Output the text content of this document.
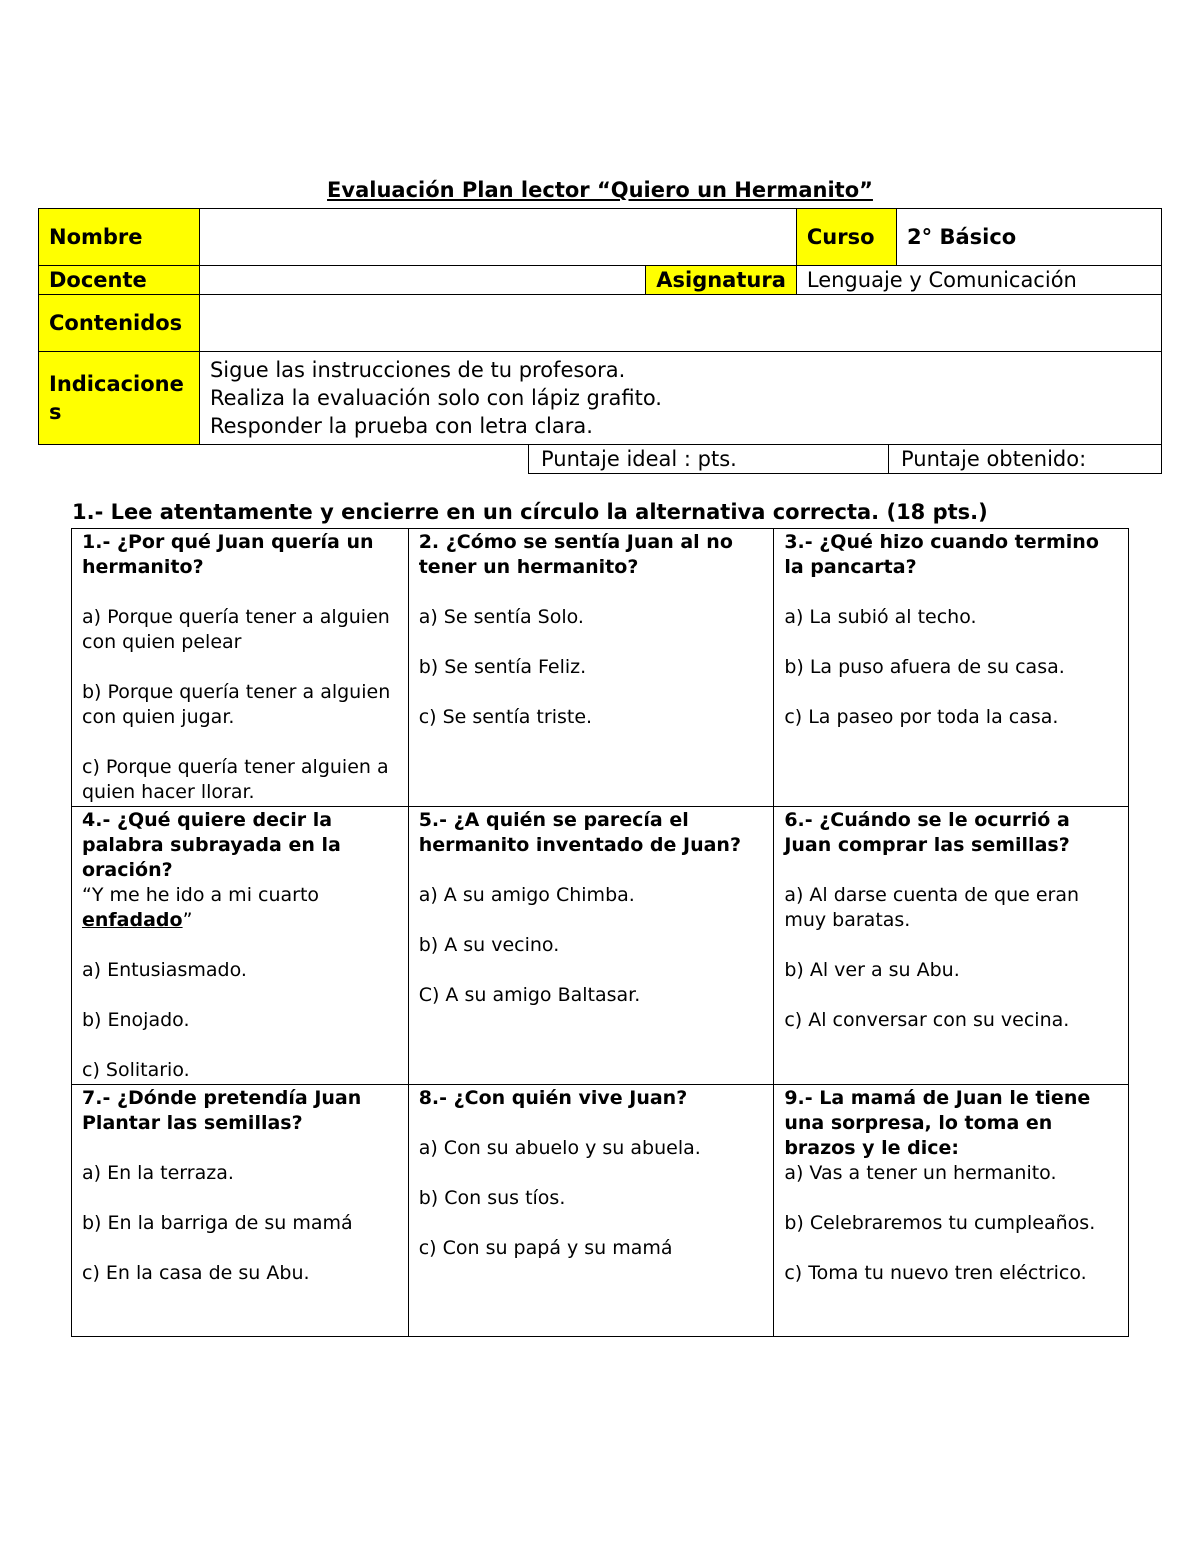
Evaluación Plan lector “Quiero un Hermanito”
Nombre			Curso	2° Básico
Docente		Asignatura	Lenguaje y Comunicación	
Contenidos				
Indicaciones	Sigue las instrucciones de tu profesora.
Realiza la evaluación solo con lápiz grafito.
Responder la prueba con letra clara.			
Puntaje ideal : pts.	Puntaje obtenido:
1.- Lee atentamente y encierre en un círculo la alternativa correcta. (18 pts.)
1.- ¿Por qué Juan quería un hermanito?
a) Porque quería tener a alguien con quien pelear
b) Porque quería tener a alguien con quien jugar.
c) Porque quería tener alguien a quien hacer llorar.	2. ¿Cómo se sentía Juan al no tener un hermanito?
a) Se sentía Solo.
b) Se sentía Feliz.
c) Se sentía triste.	3.- ¿Qué hizo cuando termino la pancarta?
a) La subió al techo.
b) La puso afuera de su casa.
c) La paseo por toda la casa.

4.- ¿Qué quiere decir la palabra subrayada en la oración?
“Y me he ido a mi cuarto enfadado”
a) Entusiasmado.
b) Enojado.
c) Solitario.	5.- ¿A quién se parecía el hermanito inventado de Juan?
a) A su amigo Chimba.
b) A su vecino.
C) A su amigo Baltasar.	6.- ¿Cuándo se le ocurrió a Juan comprar las semillas?
a) Al darse cuenta de que eran muy baratas.
b) Al ver a su Abu.
c) Al conversar con su vecina.

7.- ¿Dónde pretendía Juan Plantar las semillas?
a) En la terraza.
b) En la barriga de su mamá
c) En la casa de su Abu.	8.- ¿Con quién vive Juan?
a) Con su abuelo y su abuela.
b) Con sus tíos.
c) Con su papá y su mamá	9.- La mamá de Juan le tiene una sorpresa, lo toma en brazos y le dice:
a) Vas a tener un hermanito.
b) Celebraremos tu cumpleaños.
c) Toma tu nuevo tren eléctrico.
